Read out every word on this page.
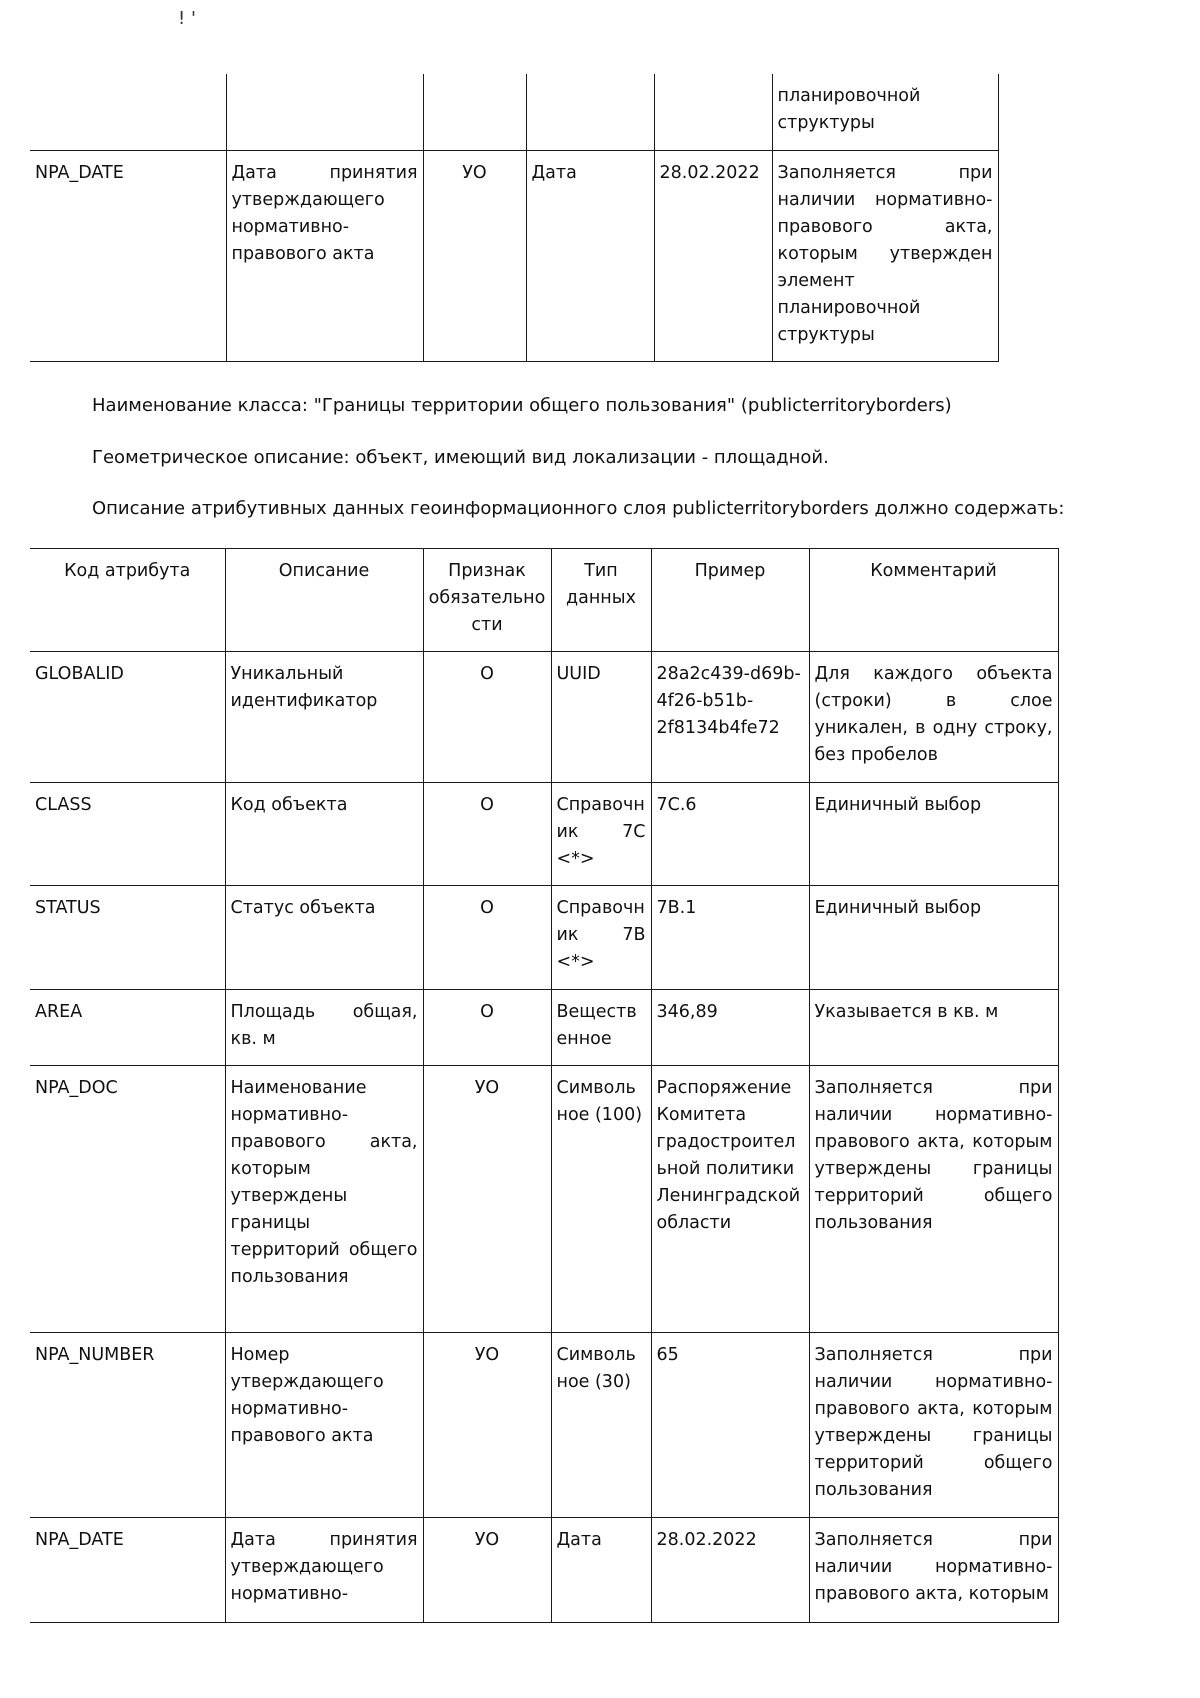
! '
					планировочной структуры
NPA_DATE	Дата принятия утверждающего нормативно-правового акта	УО	Дата	28.02.2022	Заполняется при наличии нормативно-правового акта, которым утвержден элемент планировочной структуры
Наименование класса: "Границы территории общего пользования" (publicterritoryborders)
Геометрическое описание: объект, имеющий вид локализации - площадной.
Описание атрибутивных данных геоинформационного слоя publicterritoryborders должно содержать:
Код атрибута	Описание	Признак обязательности	Тип данных	Пример	Комментарий
GLOBALID	Уникальный идентификатор	О	UUID	28a2c439-d69b-4f26-b51b-2f8134b4fe72	Для каждого объекта (строки) в слое уникален, в одну строку, без пробелов
CLASS	Код объекта	О	Справочник 7С <*>	7С.6	Единичный выбор
STATUS	Статус объекта	О	Справочник 7В <*>	7В.1	Единичный выбор
AREA	Площадь общая, кв. м	О	Вещественное	346,89	Указывается в кв. м
NPA_DOC	Наименование нормативно-правового акта, которым утверждены границы территорий общего пользования	УО	Символьное (100)	Распоряжение Комитета градостроительной политики Ленинградской области	Заполняется при наличии нормативно-правового акта, которым утверждены границы территорий общего пользования
NPA_NUMBER	Номер утверждающего нормативно-правового акта	УО	Символьное (30)	65	Заполняется при наличии нормативно-правового акта, которым утверждены границы территорий общего пользования
NPA_DATE	Дата принятия утверждающего нормативно-	УО	Дата	28.02.2022	Заполняется при наличии нормативно-правового акта, которым
